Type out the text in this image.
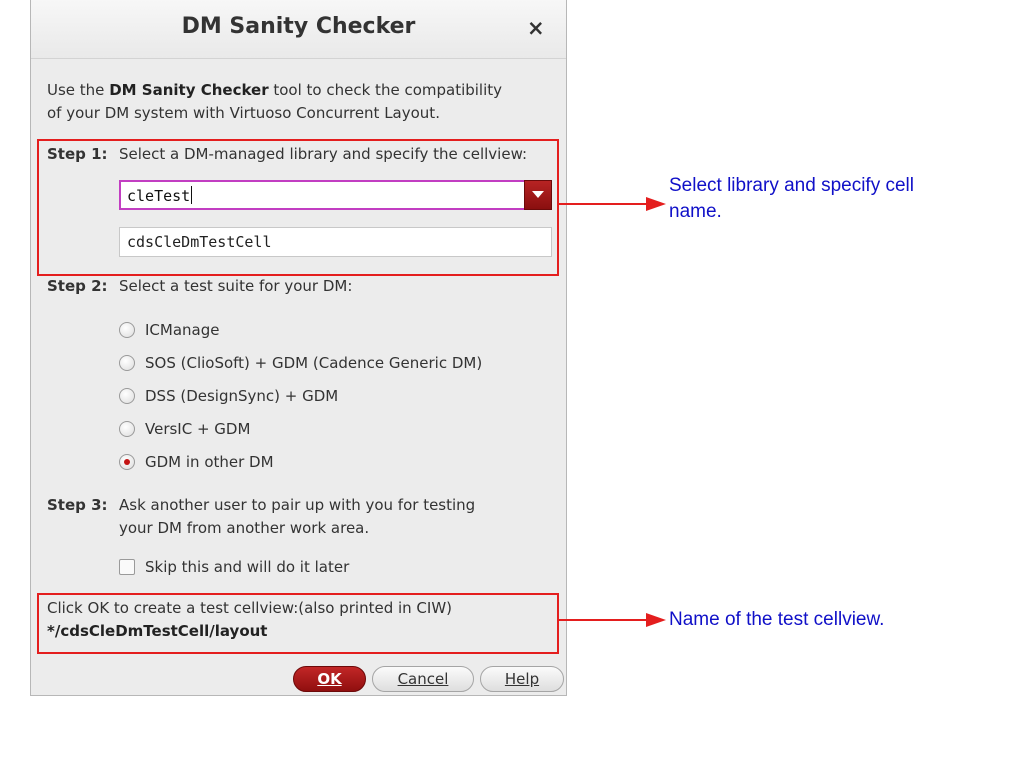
DM Sanity Checker	×
Use the DM Sanity Checker tool to check the compatibility
of your DM system with Virtuoso Concurrent Layout.
Step 1: Select a DM-managed library and specify the cellview:
cleTest
cdsCleDmTestCell
Step 2: Select a test suite for your DM:
ICManage
SOS (ClioSoft) + GDM (Cadence Generic DM)
DSS (DesignSync) + GDM
VersIC + GDM
GDM in other DM
Step 3: Ask another user to pair up with you for testing
your DM from another work area.
Skip this and will do it later
Click OK to create a test cellview:(also printed in CIW)
*/cdsCleDmTestCell/layout
OK	Cancel	Help
Select library and specify cell name.
Name of the test cellview.
